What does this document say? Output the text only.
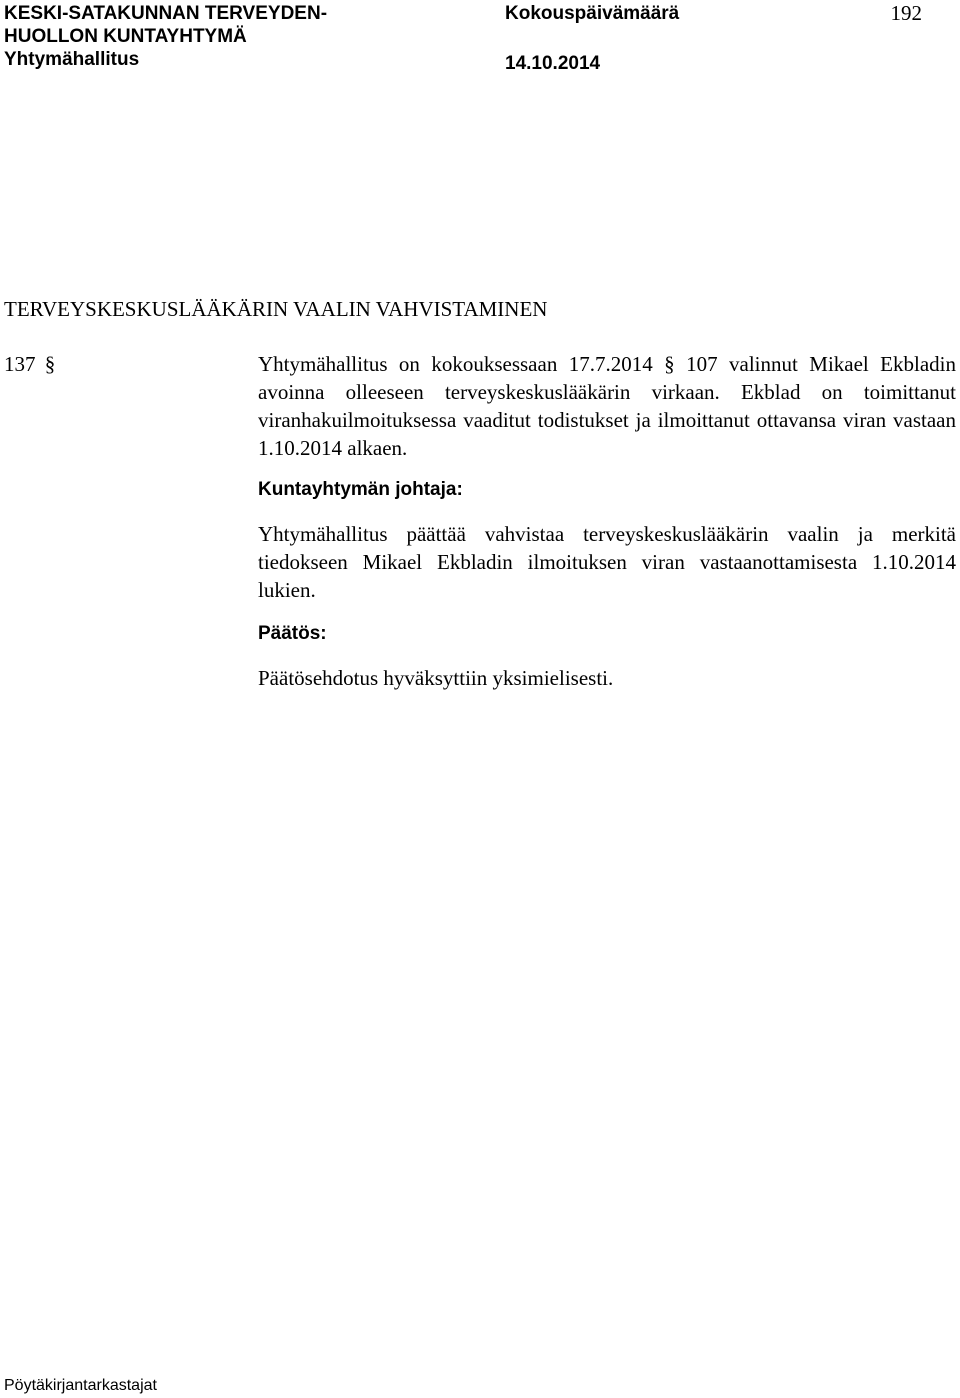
KESKI-SATAKUNNAN TERVEYDEN-
HUOLLON KUNTAYHTYMÄ
Yhtymähallitus
Kokouspäivämäärä
14.10.2014
192
TERVEYSKESKUSLÄÄKÄRIN VAALIN VAHVISTAMINEN
137 §	Yhtymähallitus on kokouksessaan 17.7.2014 § 107 valinnut Mikael Ekbladin avoinna olleeseen terveyskeskuslääkärin virkaan. Ekblad on toimittanut viranhakuilmoituksessa vaaditut todistukset ja ilmoittanut ottavansa viran vastaan 1.10.2014 alkaen.

Kuntayhtymän johtaja:

Yhtymähallitus päättää vahvistaa terveyskeskuslääkärin vaalin ja merkitä tiedokseen Mikael Ekbladin ilmoituksen viran vastaanottamisesta 1.10.2014 lukien.

Päätös:

Päätösehdotus hyväksyttiin yksimielisesti.

Pöytäkirjantarkastajat
